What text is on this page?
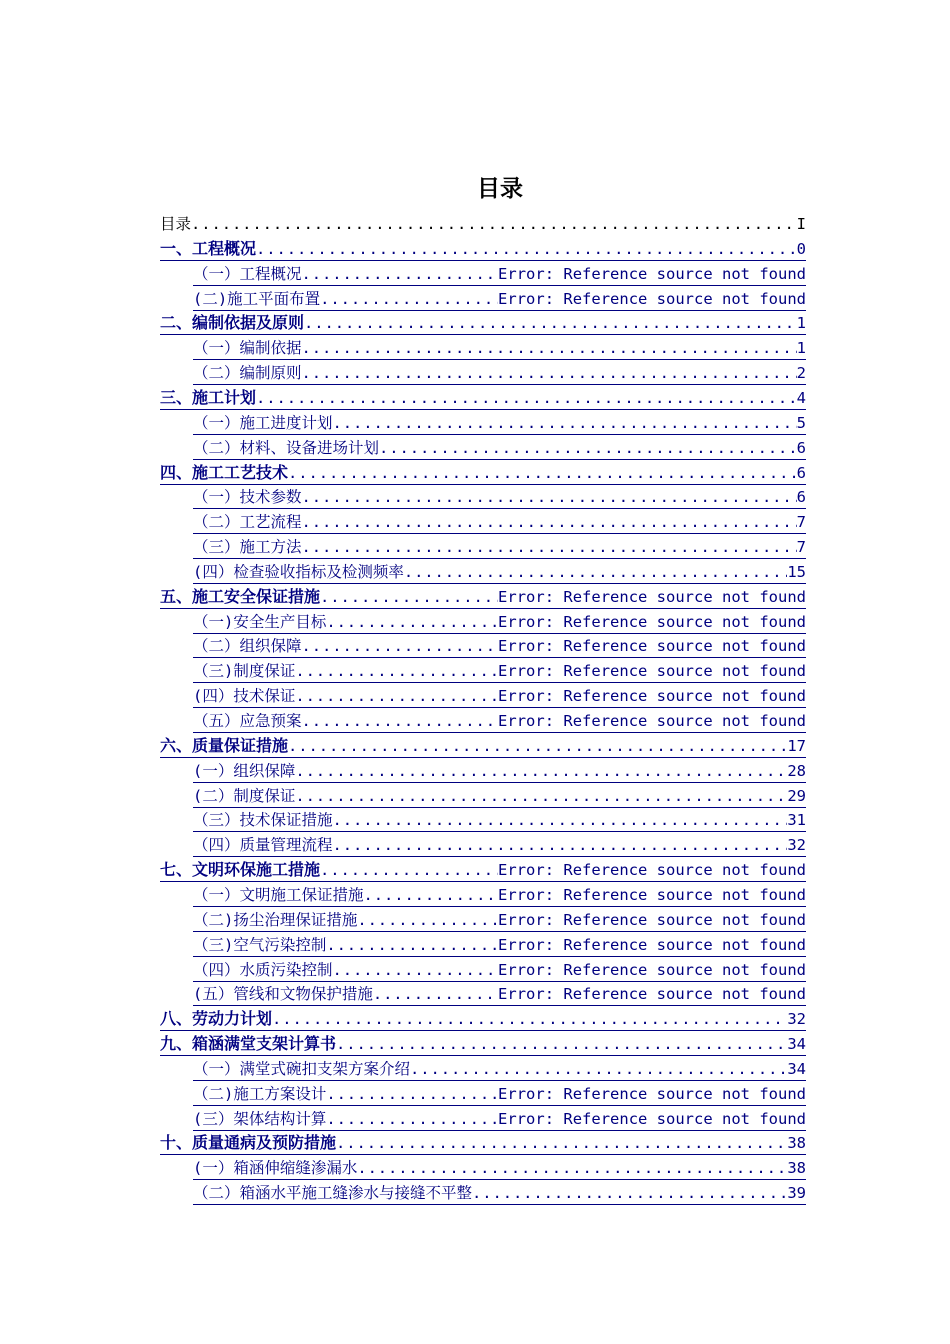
目录
目录 .....	I
一、工程概况 .....	0
（一）工程概况 .....	Error: Reference source not found
(二)施工平面布置 .....	Error: Reference source not found
二、编制依据及原则 .....	1
（一）编制依据 .....	1
（二）编制原则 .....	2
三、施工计划 .....	4
（一）施工进度计划 .....	5
（二）材料、设备进场计划 .....	6
四、施工工艺技术 .....	6
（一）技术参数 .....	6
（二）工艺流程 .....	7
（三）施工方法 .....	7
(四）检查验收指标及检测频率 .....	15
五、施工安全保证措施 .....	Error: Reference source not found
（一)安全生产目标 .....	Error: Reference source not found
（二）组织保障 .....	Error: Reference source not found
（三)制度保证 .....	Error: Reference source not found
(四）技术保证 .....	Error: Reference source not found
（五）应急预案 .....	Error: Reference source not found
六、质量保证措施 .....	17
(一）组织保障 .....	28
(二）制度保证 .....	29
（三）技术保证措施 .....	31
（四）质量管理流程 .....	32
七、文明环保施工措施 .....	Error: Reference source not found
（一）文明施工保证措施 .....	Error: Reference source not found
（二)扬尘治理保证措施 .....	Error: Reference source not found
（三)空气污染控制 .....	Error: Reference source not found
（四）水质污染控制 .....	Error: Reference source not found
(五）管线和文物保护措施 .....	Error: Reference source not found
八、劳动力计划 .....	32
九、箱涵满堂支架计算书 .....	34
（一）满堂式碗扣支架方案介绍 .....	34
（二)施工方案设计 .....	Error: Reference source not found
(三）架体结构计算 .....	Error: Reference source not found
十、质量通病及预防措施 .....	38
(一）箱涵伸缩缝渗漏水 .....	38
（二）箱涵水平施工缝渗水与接缝不平整 .....	39
